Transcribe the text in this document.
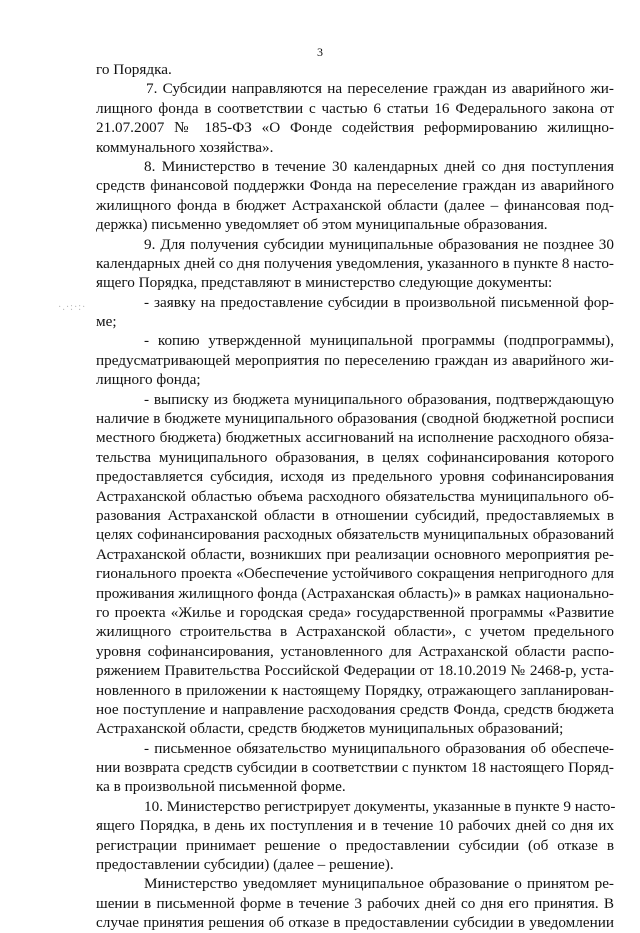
3
·.·:·:·
го Порядка.
7. Субсидии направляются на переселение граждан из аварийного жи-
лищного фонда в соответствии с частью 6 статьи 16 Федерального закона от
21.07.2007 № 185-ФЗ «О Фонде содействия реформированию жилищно-
коммунального хозяйства».
8. Министерство в течение 30 календарных дней со дня поступления
средств финансовой поддержки Фонда на переселение граждан из аварийного
жилищного фонда в бюджет Астраханской области (далее – финансовая под-
держка) письменно уведомляет об этом муниципальные образования.
9. Для получения субсидии муниципальные образования не позднее 30
календарных дней со дня получения уведомления, указанного в пункте 8 насто-
ящего Порядка, представляют в министерство следующие документы:
- заявку на предоставление субсидии в произвольной письменной фор-
ме;
- копию утвержденной муниципальной программы (подпрограммы),
предусматривающей мероприятия по переселению граждан из аварийного жи-
лищного фонда;
- выписку из бюджета муниципального образования, подтверждающую
наличие в бюджете муниципального образования (сводной бюджетной росписи
местного бюджета) бюджетных ассигнований на исполнение расходного обяза-
тельства муниципального образования, в целях софинансирования которого
предоставляется субсидия, исходя из предельного уровня софинансирования
Астраханской областью объема расходного обязательства муниципального об-
разования Астраханской области в отношении субсидий, предоставляемых в
целях софинансирования расходных обязательств муниципальных образований
Астраханской области, возникших при реализации основного мероприятия ре-
гионального проекта «Обеспечение устойчивого сокращения непригодного для
проживания жилищного фонда (Астраханская область)» в рамках национально-
го проекта «Жилье и городская среда» государственной программы «Развитие
жилищного строительства в Астраханской области», с учетом предельного
уровня софинансирования, установленного для Астраханской области распо-
ряжением Правительства Российской Федерации от 18.10.2019 № 2468-р, уста-
новленного в приложении к настоящему Порядку, отражающего запланирован-
ное поступление и направление расходования средств Фонда, средств бюджета
Астраханской области, средств бюджетов муниципальных образований;
- письменное обязательство муниципального образования об обеспече-
нии возврата средств субсидии в соответствии с пунктом 18 настоящего Поряд-
ка в произвольной письменной форме.
10. Министерство регистрирует документы, указанные в пункте 9 насто-
ящего Порядка, в день их поступления и в течение 10 рабочих дней со дня их
регистрации принимает решение о предоставлении субсидии (об отказе в
предоставлении субсидии) (далее – решение).
Министерство уведомляет муниципальное образование о принятом ре-
шении в письменной форме в течение 3 рабочих дней со дня его принятия. В
случае принятия решения об отказе в предоставлении субсидии в уведомлении
